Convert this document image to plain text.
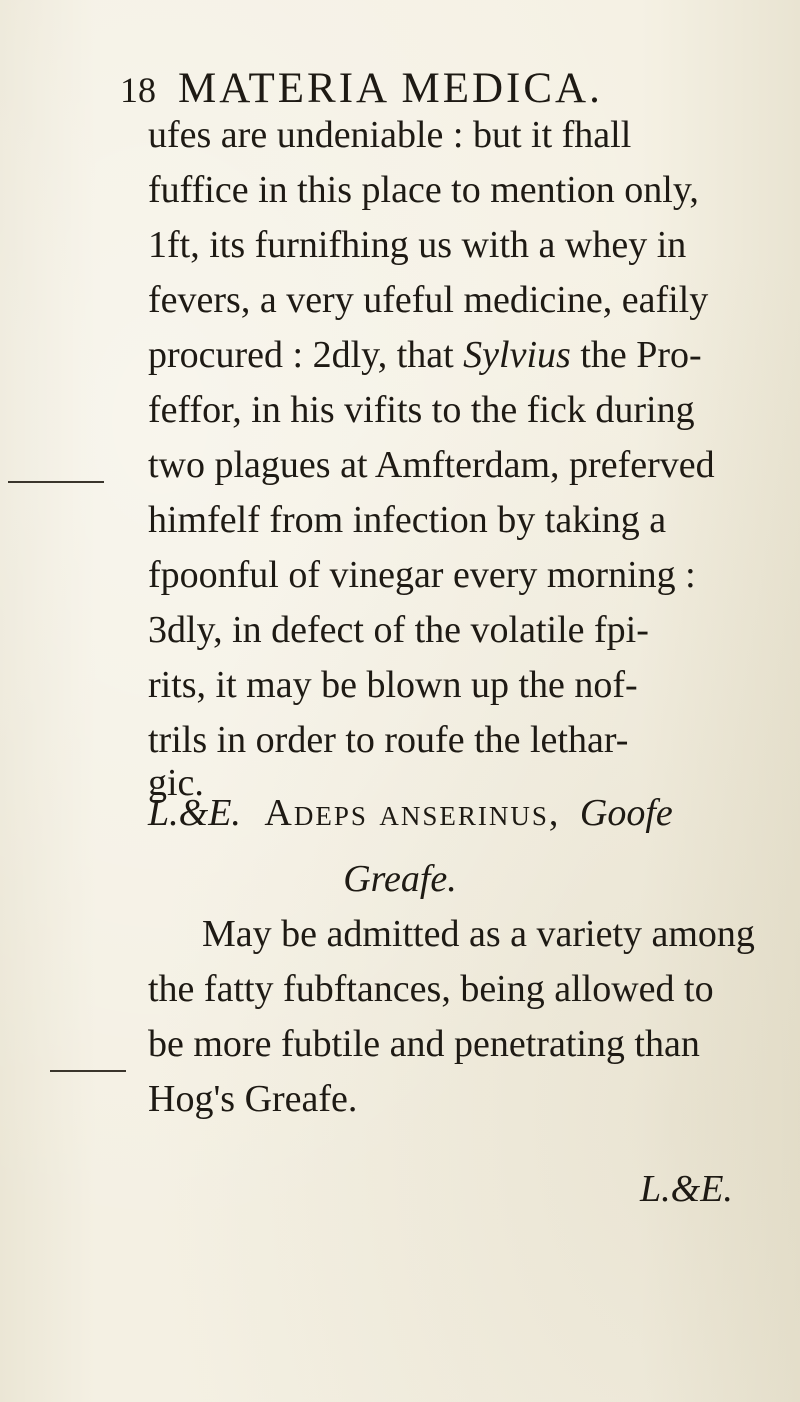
18 MATERIA MEDICA.
ufes are undeniable : but it fhall
fuffice in this place to mention only,
1ft, its furnifhing us with a whey in
fevers, a very ufeful medicine, eafily
procured : 2dly, that Sylvius the Pro-
feffor, in his vifits to the fick during
two plagues at Amfterdam, preferved
himfelf from infection by taking a
fpoonful of vinegar every morning :
3dly, in defect of the volatile fpi-
rits, it may be blown up the nof-
trils in order to roufe the lethar-
gic.
L.&E. Adeps anserinus, Goofe
Greafe.
May be admitted as a variety among
the fatty fubftances, being allowed to
be more fubtile and penetrating than
Hog's Greafe.
L.&E.
